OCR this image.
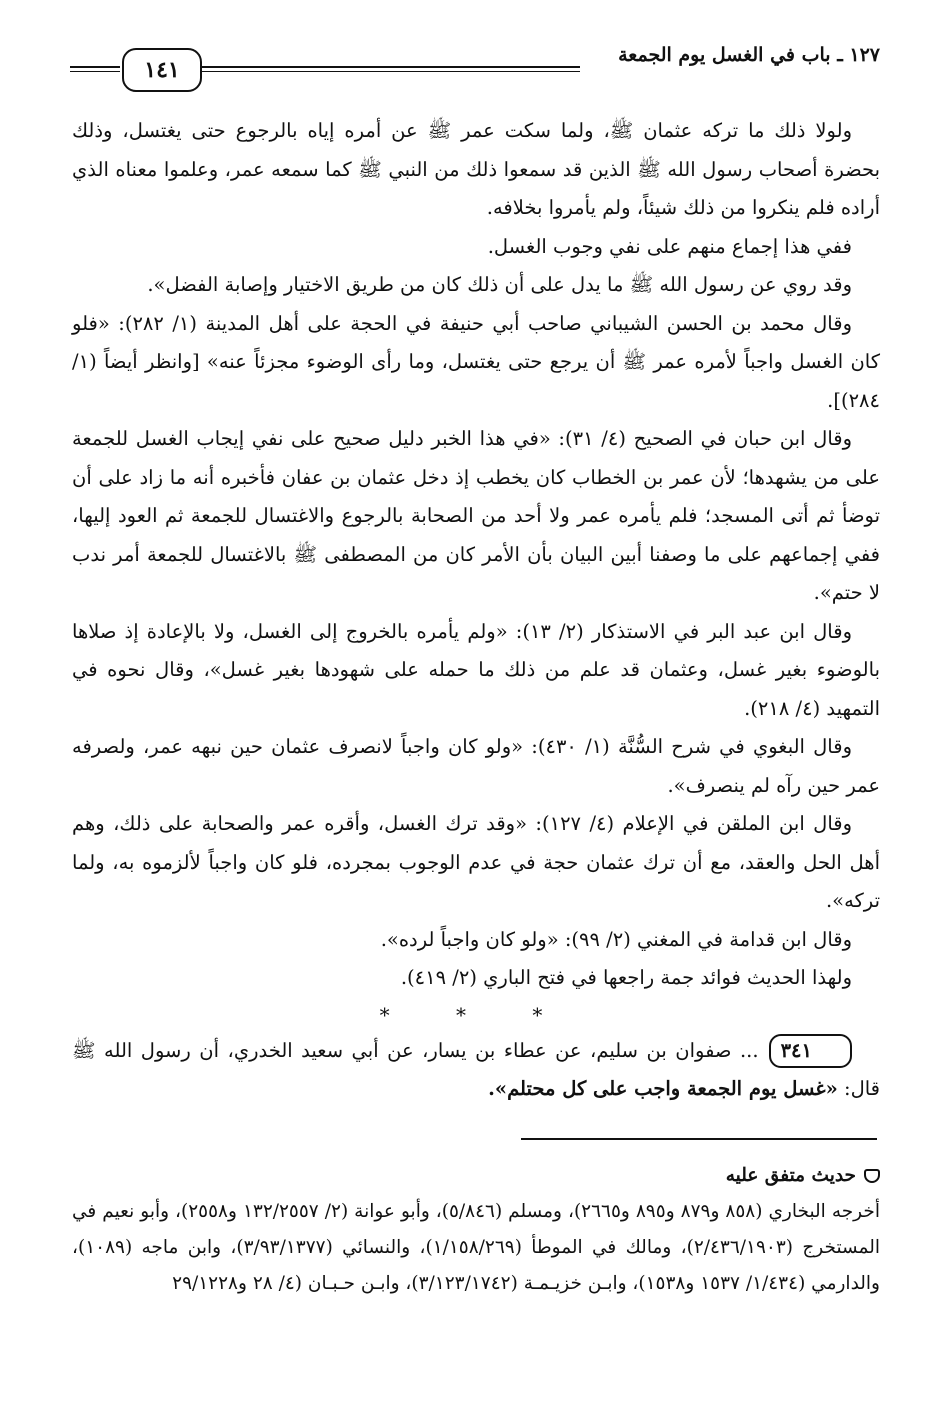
١٢٧ ـ باب في الغسل يوم الجمعة
١٤١

ولولا ذلك ما تركه عثمان ﷺ، ولما سكت عمر ﷺ عن أمره إياه بالرجوع حتى يغتسل، وذلك بحضرة أصحاب رسول الله ﷺ الذين قد سمعوا ذلك من النبي ﷺ كما سمعه عمر، وعلموا معناه الذي أراده فلم ينكروا من ذلك شيئاً، ولم يأمروا بخلافه.

ففي هذا إجماع منهم على نفي وجوب الغسل.

وقد روي عن رسول الله ﷺ ما يدل على أن ذلك كان من طريق الاختيار وإصابة الفضل».

وقال محمد بن الحسن الشيباني صاحب أبي حنيفة في الحجة على أهل المدينة (١/ ٢٨٢): «فلو كان الغسل واجباً لأمره عمر ﷺ أن يرجع حتى يغتسل، وما رأى الوضوء مجزئاً عنه» [وانظر أيضاً (١/ ٢٨٤)].

وقال ابن حبان في الصحيح (٤/ ٣١): «في هذا الخبر دليل صحيح على نفي إيجاب الغسل للجمعة على من يشهدها؛ لأن عمر بن الخطاب كان يخطب إذ دخل عثمان بن عفان فأخبره أنه ما زاد على أن توضأ ثم أتى المسجد؛ فلم يأمره عمر ولا أحد من الصحابة بالرجوع والاغتسال للجمعة ثم العود إليها، ففي إجماعهم على ما وصفنا أبين البيان بأن الأمر كان من المصطفى ﷺ بالاغتسال للجمعة أمر ندب لا حتم».

وقال ابن عبد البر في الاستذكار (٢/ ١٣): «ولم يأمره بالخروج إلى الغسل، ولا بالإعادة إذ صلاها بالوضوء بغير غسل، وعثمان قد علم من ذلك ما حمله على شهودها بغير غسل»، وقال نحوه في التمهيد (٤/ ٢١٨).

وقال البغوي في شرح السُّنَّة (١/ ٤٣٠): «ولو كان واجباً لانصرف عثمان حين نبهه عمر، ولصرفه عمر حين رآه لم ينصرف».

وقال ابن الملقن في الإعلام (٤/ ١٢٧): «وقد ترك الغسل، وأقره عمر والصحابة على ذلك، وهم أهل الحل والعقد، مع أن ترك عثمان حجة في عدم الوجوب بمجرده، فلو كان واجباً لألزموه به، ولما تركه».

وقال ابن قدامة في المغني (٢/ ٩٩): «ولو كان واجباً لرده».

ولهذا الحديث فوائد جمة راجعها في فتح الباري (٢/ ٤١٩).

* * *

٣٤١... صفوان بن سليم، عن عطاء بن يسار، عن أبي سعيد الخدري، أن رسول الله ﷺ قال: «غسل يوم الجمعة واجب على كل محتلم».

حديث متفق عليه

أخرجه البخاري (٨٥٨ و٨٧٩ و٨٩٥ و٢٦٦٥)، ومسلم (٥/٨٤٦)، وأبو عوانة (٢/ ١٣٢/٢٥٥٧ و٢٥٥٨)، وأبو نعيم في المستخرج (٢/٤٣٦/١٩٠٣)، ومالك في الموطأ (١/١٥٨/٢٦٩)، والنسائي (٣/٩٣/١٣٧٧)، وابن ماجه (١٠٨٩)، والدارمي (١/٤٣٤/ ١٥٣٧ و١٥٣٨)، وابـن خزيـمـة (٣/١٢٣/١٧٤٢)، وابـن حـبـان (٤/ ٢٨ و٢٩/١٢٢٨
